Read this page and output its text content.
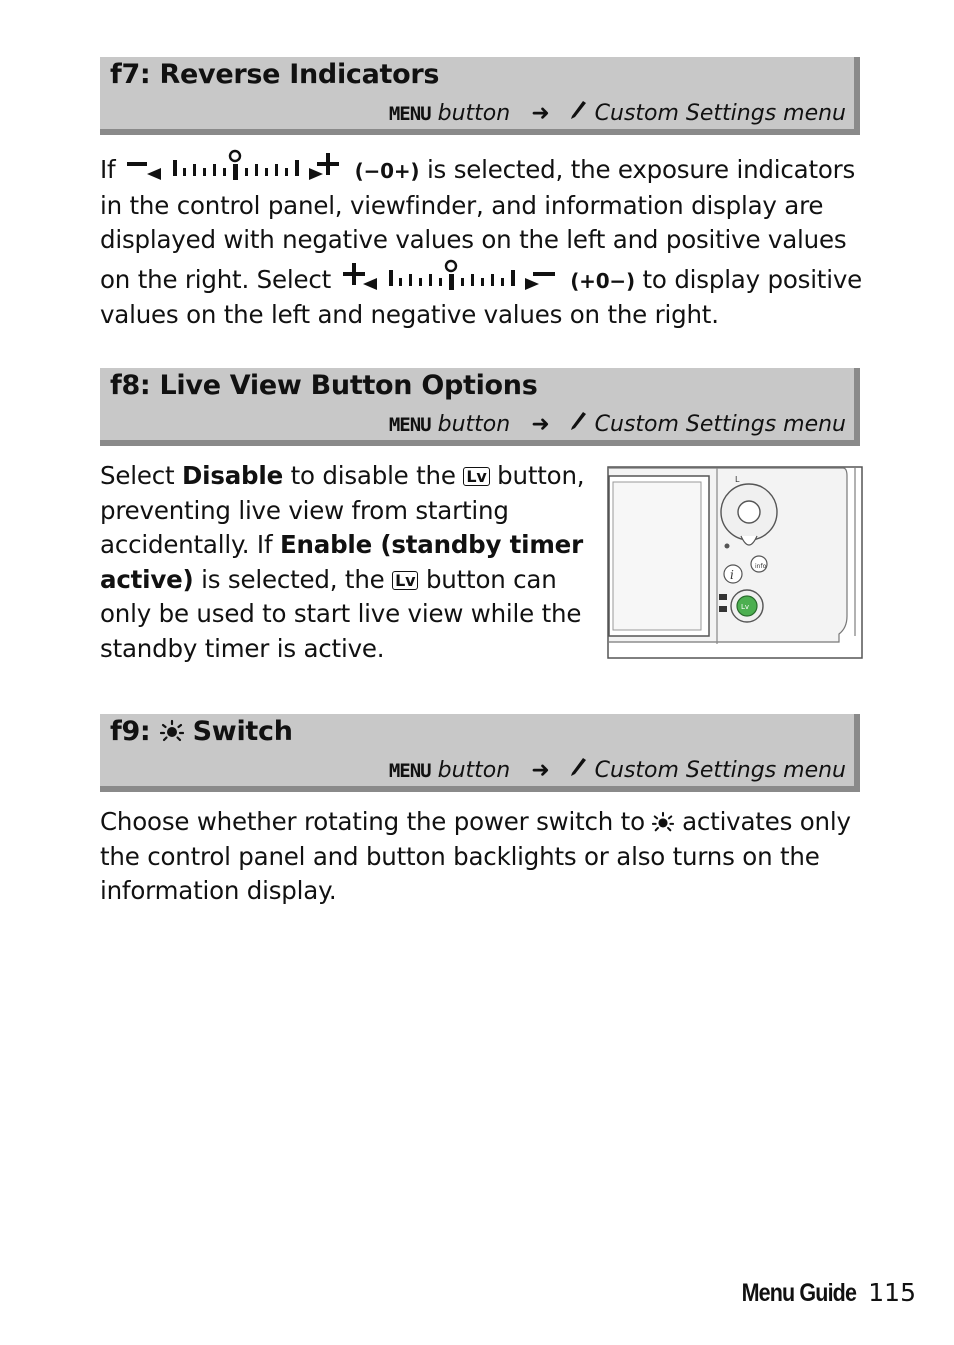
f7: Reverse Indicators
MENU button ➜ Custom Settings menu
If	(−0+) is selected, the exposure indicators
in the control panel, viewfinder, and information display are
displayed with negative values on the left and positive values
on the right. Select	(+0−) to display positive
values on the left and negative values on the right.
f8: Live View Button Options
MENU button ➜ Custom Settings menu
Select Disable to disable the Lv button,
preventing live view from starting
accidentally. If Enable (standby timer
active) is selected, the Lv button can
only be used to start live view while the
standby timer is active.
L
i
info
Lv
f9: Switch
MENU button ➜ Custom Settings menu
Choose whether rotating the power switch to activates only
the control panel and button backlights or also turns on the
information display.
Menu Guide 115
